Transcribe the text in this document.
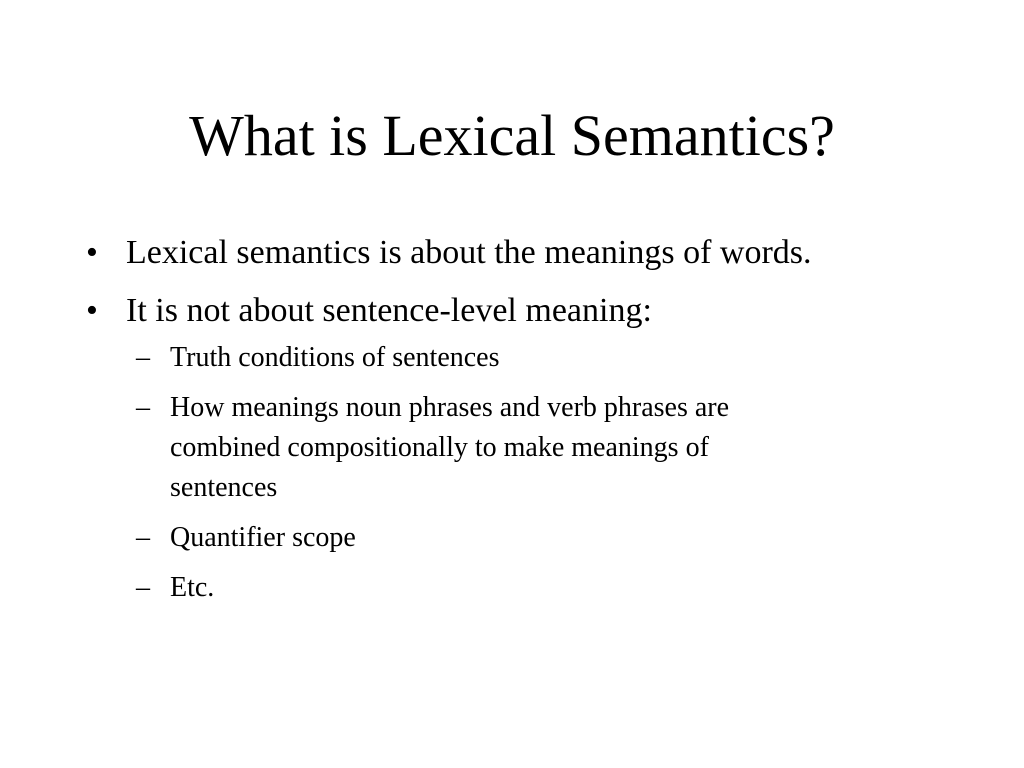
What is Lexical Semantics?
• Lexical semantics is about the meanings of words.
• It is not about sentence-level meaning:
– Truth conditions of sentences
– How meanings noun phrases and verb phrases are combined compositionally to make meanings of sentences
– Quantifier scope
– Etc.
